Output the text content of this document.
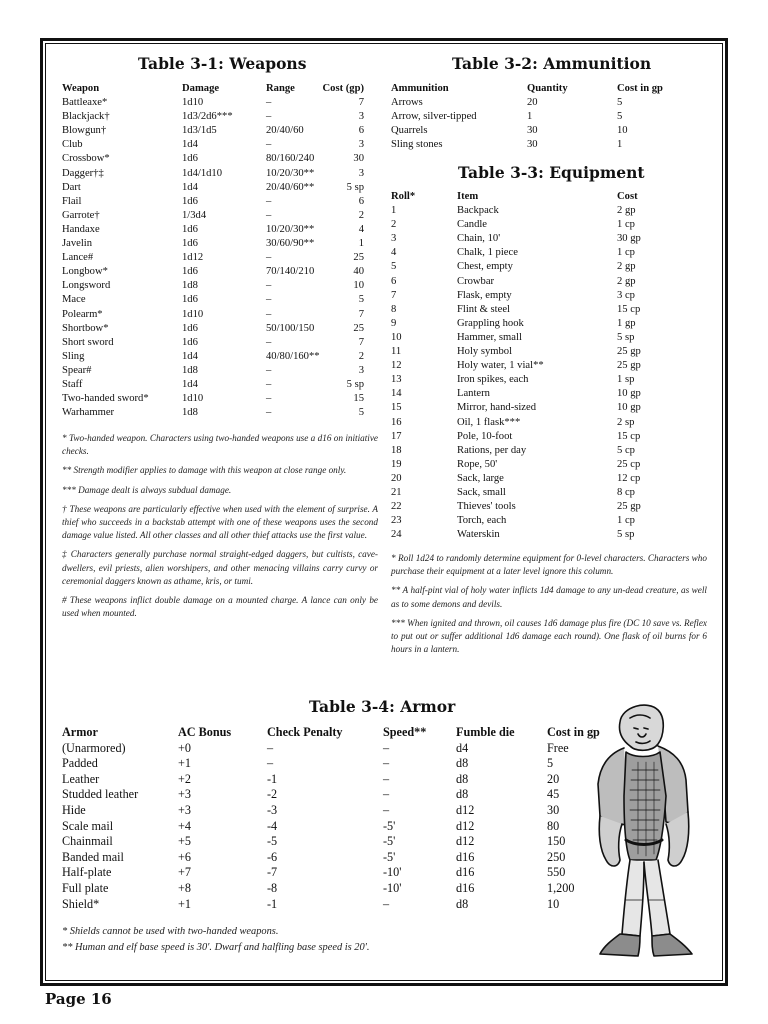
Table 3-1: Weapons
Weapon	Damage	Range	Cost (gp)
Battleaxe*	1d10	–	7
Blackjack†	1d3/2d6***	–	3
Blowgun†	1d3/1d5	20/40/60	6
Club	1d4	–	3
Crossbow*	1d6	80/160/240	30
Dagger†‡	1d4/1d10	10/20/30**	3
Dart	1d4	20/40/60**	5 sp
Flail	1d6	–	6
Garrote†	1/3d4	–	2
Handaxe	1d6	10/20/30**	4
Javelin	1d6	30/60/90**	1
Lance#	1d12	–	25
Longbow*	1d6	70/140/210	40
Longsword	1d8	–	10
Mace	1d6	–	5
Polearm*	1d10	–	7
Shortbow*	1d6	50/100/150	25
Short sword	1d6	–	7
Sling	1d4	40/80/160**	2
Spear#	1d8	–	3
Staff	1d4	–	5 sp
Two-handed sword*	1d10	–	15
Warhammer	1d8	–	5

* Two-handed weapon. Characters using two-handed weapons use a d16 on initiative checks.

** Strength modifier applies to damage with this weapon at close range only.

*** Damage dealt is always subdual damage.

† These weapons are particularly effective when used with the element of surprise. A thief who succeeds in a backstab attempt with one of these weapons uses the second damage value listed. All other classes and all other thief attacks use the first value.

‡ Characters generally purchase normal straight-edged daggers, but cultists, cave-dwellers, evil priests, alien worshipers, and other menacing villains carry curvy or ceremonial daggers known as athame, kris, or tumi.

# These weapons inflict double damage on a mounted charge. A lance can only be used when mounted.

Table 3-2: Ammunition
Ammunition	Quantity	Cost in gp
Arrows	20	5
Arrow, silver-tipped	1	5
Quarrels	30	10
Sling stones	30	1
Table 3-3: Equipment
Roll*	Item	Cost
1	Backpack	2 gp
2	Candle	1 cp
3	Chain, 10'	30 gp
4	Chalk, 1 piece	1 cp
5	Chest, empty	2 gp
6	Crowbar	2 gp
7	Flask, empty	3 cp
8	Flint & steel	15 cp
9	Grappling hook	1 gp
10	Hammer, small	5 sp
11	Holy symbol	25 gp
12	Holy water, 1 vial**	25 gp
13	Iron spikes, each	1 sp
14	Lantern	10 gp
15	Mirror, hand-sized	10 gp
16	Oil, 1 flask***	2 sp
17	Pole, 10-foot	15 cp
18	Rations, per day	5 cp
19	Rope, 50'	25 cp
20	Sack, large	12 cp
21	Sack, small	8 cp
22	Thieves' tools	25 gp
23	Torch, each	1 cp
24	Waterskin	5 sp

* Roll 1d24 to randomly determine equipment for 0-level characters. Characters who purchase their equipment at a later level ignore this column.

** A half-pint vial of holy water inflicts 1d4 damage to any un-dead creature, as well as to some demons and devils.

*** When ignited and thrown, oil causes 1d6 damage plus fire (DC 10 save vs. Reflex to put out or suffer additional 1d6 damage each round). One flask of oil burns for 6 hours in a lantern.

Table 3-4: Armor
Armor	AC Bonus	Check Penalty	Speed**	Fumble die	Cost in gp
(Unarmored)	+0	–	–	d4	Free
Padded	+1	–	–	d8	5
Leather	+2	-1	–	d8	20
Studded leather	+3	-2	–	d8	45
Hide	+3	-3	–	d12	30
Scale mail	+4	-4	-5'	d12	80
Chainmail	+5	-5	-5'	d12	150
Banded mail	+6	-6	-5'	d16	250
Half-plate	+7	-7	-10'	d16	550
Full plate	+8	-8	-10'	d16	1,200
Shield*	+1	-1	–	d8	10
* Shields cannot be used with two-handed weapons.
** Human and elf base speed is 30'. Dwarf and halfling base speed is 20'.
Page 16
